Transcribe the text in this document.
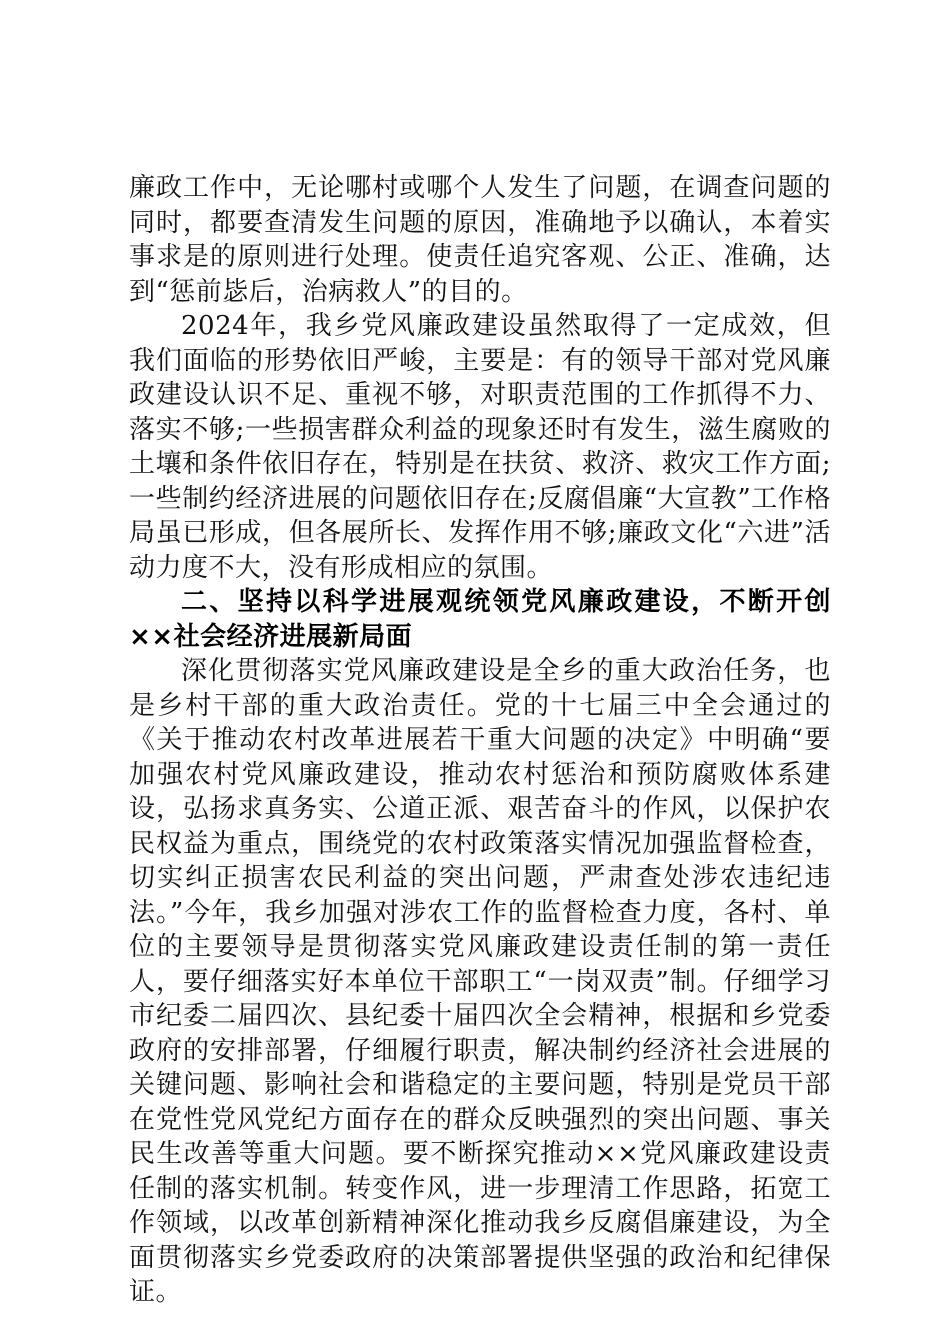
廉政工作中，无论哪村或哪个人发生了问题，在调查问题的同时，都要查清发生问题的原因，准确地予以确认，本着实事求是的原则进行处理。使责任追究客观、公正、准确，达到“惩前毖后，治病救人”的目的。

2024年，我乡党风廉政建设虽然取得了一定成效，但我们面临的形势依旧严峻，主要是：有的领导干部对党风廉政建设认识不足、重视不够，对职责范围的工作抓得不力、落实不够;一些损害群众利益的现象还时有发生，滋生腐败的土壤和条件依旧存在，特别是在扶贫、救济、救灾工作方面;一些制约经济进展的问题依旧存在;反腐倡廉“大宣教”工作格局虽已形成，但各展所长、发挥作用不够;廉政文化“六进”活动力度不大，没有形成相应的氛围。

二、坚持以科学进展观统领党风廉政建设，不断开创××社会经济进展新局面

深化贯彻落实党风廉政建设是全乡的重大政治任务，也是乡村干部的重大政治责任。党的十七届三中全会通过的《关于推动农村改革进展若干重大问题的决定》中明确“要加强农村党风廉政建设，推动农村惩治和预防腐败体系建设，弘扬求真务实、公道正派、艰苦奋斗的作风，以保护农民权益为重点，围绕党的农村政策落实情况加强监督检查，切实纠正损害农民利益的突出问题，严肃查处涉农违纪违法。”今年，我乡加强对涉农工作的监督检查力度，各村、单位的主要领导是贯彻落实党风廉政建设责任制的第一责任人，要仔细落实好本单位干部职工“一岗双责”制。仔细学习市纪委二届四次、县纪委十届四次全会精神，根据和乡党委政府的安排部署，仔细履行职责，解决制约经济社会进展的关键问题、影响社会和谐稳定的主要问题，特别是党员干部在党性党风党纪方面存在的群众反映强烈的突出问题、事关民生改善等重大问题。要不断探究推动××党风廉政建设责任制的落实机制。转变作风，进一步理清工作思路，拓宽工作领域，以改革创新精神深化推动我乡反腐倡廉建设，为全面贯彻落实乡党委政府的决策部署提供坚强的政治和纪律保证。
